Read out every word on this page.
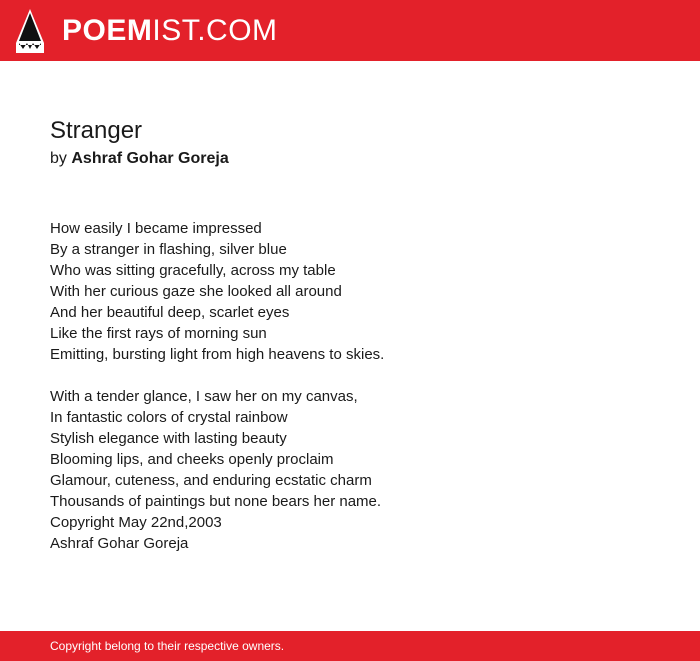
POEMIST.COM
Stranger
by Ashraf Gohar Goreja

How easily I became impressed
By a stranger in flashing, silver blue
Who was sitting gracefully, across my table
With her curious gaze she looked all around
And her beautiful deep, scarlet eyes
Like the first rays of morning sun
Emitting, bursting light from high heavens to skies.

With a tender glance, I saw her on my canvas,
In fantastic colors of crystal rainbow
Stylish elegance with lasting beauty
Blooming lips, and cheeks openly proclaim
Glamour, cuteness, and enduring ecstatic charm
Thousands of paintings but none bears her name.
Copyright May 22nd,2003
Ashraf Gohar Goreja

Copyright belong to their respective owners.
